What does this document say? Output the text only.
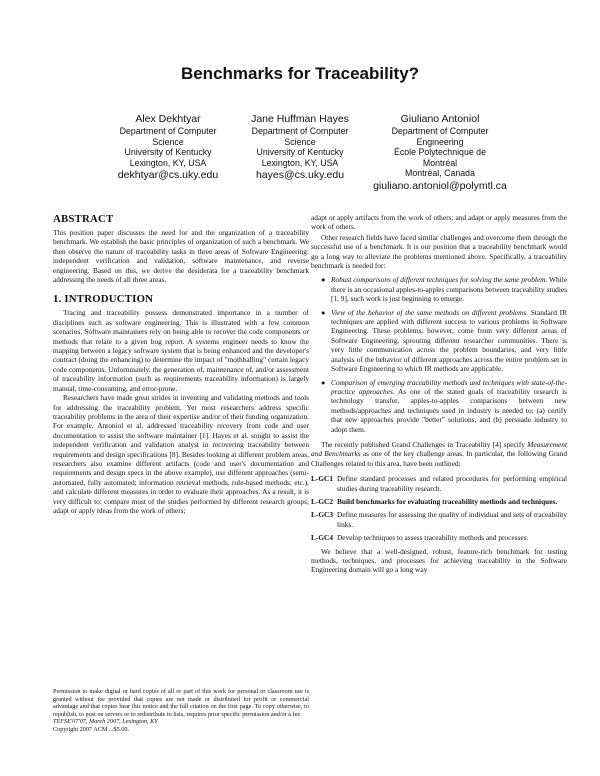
Benchmarks for Traceability?
Alex Dekhtyar
Department of Computer
Science
University of Kentucky
Lexington, KY, USA
dekhtyar@cs.uky.edu
Jane Huffman Hayes
Department of Computer
Science
University of Kentucky
Lexington, KY, USA
hayes@cs.uky.edu
Giuliano Antoniol
Department of Computer
Engineering
École Polytechnique de
Montréal
Montréal, Canada
giuliano.antoniol@polymtl.ca
ABSTRACT

This position paper discusses the need for and the organization of a traceability benchmark. We establish the basic principles of organization of such a benchmark. We then observe the nature of traceability tasks in three areas of Software Engineering: independent verification and validation, software maintenance, and reverse engineering. Based on this, we derive the desiderata for a traceability benchmark addressing the needs of all three areas.

1. INTRODUCTION

Tracing and traceability possess demonstrated importance in a number of disciplines such as software engineering. This is illustrated with a few common scenarios. Software maintainers rely on being able to recover the code components or methods that relate to a given bug report. A systems engineer needs to know the mapping between a legacy software system that is being enhanced and the developer's contract (doing the enhancing) to determine the impact of "mothballing" certain legacy code components. Unfortunately, the generation of, maintenance of, and/or assessment of traceability information (such as requirements traceability information) is largely manual, time-consuming, and error-prone.

Researchers have made great strides in inventing and validating methods and tools for addressing the traceability problem. Yet most researchers address specific traceability problems in the area of their expertise and/or of their funding organization. For example, Antoniol et al. addressed traceability recovery from code and user documentation to assist the software maintainer [1]. Hayes et al. sought to assist the independent verification and validation analyst in recovering traceability between requirements and design specifications [8]. Besides looking at different problem areas, researchers also examine different artifacts (code and user's documentation and requirements and design specs in the above example), use different approaches (semi-automated, fully automated; information retrieval methods, rule-based methods; etc.), and calculate different measures in order to evaluate their approaches. As a result, it is very difficult to: compare most of the studies performed by different research groups; adapt or apply ideas from the work of others;

adapt or apply artifacts from the work of others; and adapt or apply measures from the work of others.

Other research fields have faced similar challenges and overcome them through the successful use of a benchmark. It is our position that a traceability benchmark would go a long way to alleviate the problems mentioned above. Specifically, a traceability benchmark is needed for:

● Robust comparisons of different techniques for solving the same problem. While there is an occasional apples-to-apples comparisons between traceability studies [1, 9], such work is just beginning to emerge.

● View of the behavior of the same methods on different problems. Standard IR techniques are applied with different success to various problems in Software Engineering. These problems, however, come from very different areas of Software Engineering, sprouting different researcher communities. There is very little communication across the problem boundaries, and very little analysis of the behavior of different approaches across the entire problem set in Software Engineering to which IR methods are applicable.

● Comparison of emerging traceability methods and techniques with state-of-the-practice approaches. As one of the stated goals of traceability research is technology transfer, apples-to-apples comparisons between new methods/approaches and techniques used in industry is needed to: (a) certify that new approaches provide "better" solutions, and (b) persuade industry to adopt them.

The recently published Grand Challenges in Traceability [4] specify Measurement and Benchmarks as one of the key challenge areas. In particular, the following Grand Challenges related to this area, have been outlined:

L-GC1 Define standard processes and related procedures for performing empirical studies during traceability research.

L-GC2 Build benchmarks for evaluating traceability methods and techniques.

L-GC3 Define measures for assessing the quality of individual and sets of traceability links.

L-GC4 Develop techniques to assess traceability methods and processes.

We believe that a well-designed, robust, feature-rich benchmark for testing methods, techniques, and processes for achieving traceability in the Software Engineering domain will go a long way

Permission to make digital or hard copies of all or part of this work for personal or classroom use is granted without fee provided that copies are not made or distributed for profit or commercial advantage and that copies bear this notice and the full citation on the first page. To copy otherwise, to republish, to post on servers or to redistribute to lists, requires prior specific permission and/or a fee.

TEFSE'07'07, March 2007, Lexington, KY

Copyright 2007 ACM ...$5.00.
